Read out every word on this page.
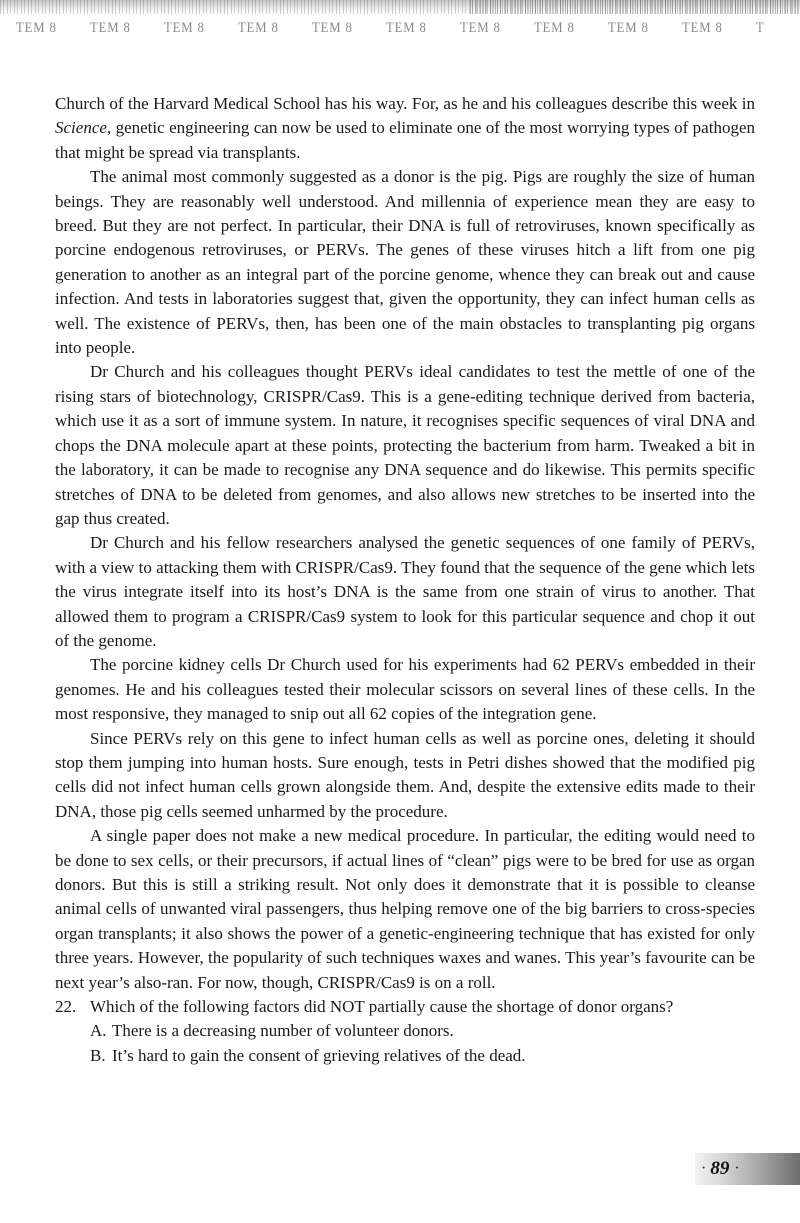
TEM 8	TEM 8	TEM 8	TEM 8	TEM 8	TEM 8	TEM 8	TEM 8	TEM 8	TEM 8	T

Church of the Harvard Medical School has his way. For, as he and his colleagues describe this week in Science, genetic engineering can now be used to eliminate one of the most worrying types of pathogen that might be spread via transplants.

The animal most commonly suggested as a donor is the pig. Pigs are roughly the size of human beings. They are reasonably well understood. And millennia of experience mean they are easy to breed. But they are not perfect. In particular, their DNA is full of retroviruses, known specifically as porcine endogenous retroviruses, or PERVs. The genes of these viruses hitch a lift from one pig generation to another as an integral part of the porcine genome, whence they can break out and cause infection. And tests in laboratories suggest that, given the opportunity, they can infect human cells as well. The existence of PERVs, then, has been one of the main obstacles to transplanting pig organs into people.

Dr Church and his colleagues thought PERVs ideal candidates to test the mettle of one of the rising stars of biotechnology, CRISPR/Cas9. This is a gene-editing technique derived from bacteria, which use it as a sort of immune system. In nature, it recognises specific sequences of viral DNA and chops the DNA molecule apart at these points, protecting the bacterium from harm. Tweaked a bit in the laboratory, it can be made to recognise any DNA sequence and do likewise. This permits specific stretches of DNA to be deleted from genomes, and also allows new stretches to be inserted into the gap thus created.

Dr Church and his fellow researchers analysed the genetic sequences of one family of PERVs, with a view to attacking them with CRISPR/Cas9. They found that the sequence of the gene which lets the virus integrate itself into its host’s DNA is the same from one strain of virus to another. That allowed them to program a CRISPR/Cas9 system to look for this particular sequence and chop it out of the genome.

The porcine kidney cells Dr Church used for his experiments had 62 PERVs embedded in their genomes. He and his colleagues tested their molecular scissors on several lines of these cells. In the most responsive, they managed to snip out all 62 copies of the integration gene.

Since PERVs rely on this gene to infect human cells as well as porcine ones, deleting it should stop them jumping into human hosts. Sure enough, tests in Petri dishes showed that the modified pig cells did not infect human cells grown alongside them. And, despite the extensive edits made to their DNA, those pig cells seemed unharmed by the procedure.

A single paper does not make a new medical procedure. In particular, the editing would need to be done to sex cells, or their precursors, if actual lines of “clean” pigs were to be bred for use as organ donors. But this is still a striking result. Not only does it demonstrate that it is possible to cleanse animal cells of unwanted viral passengers, thus helping remove one of the big barriers to cross-species organ transplants; it also shows the power of a genetic-engineering technique that has existed for only three years. However, the popularity of such techniques waxes and wanes. This year’s favourite can be next year’s also-ran. For now, though, CRISPR/Cas9 is on a roll.

22. Which of the following factors did NOT partially cause the shortage of donor organs?
A. There is a decreasing number of volunteer donors.
B. It’s hard to gain the consent of grieving relatives of the dead.
· 89 ·
